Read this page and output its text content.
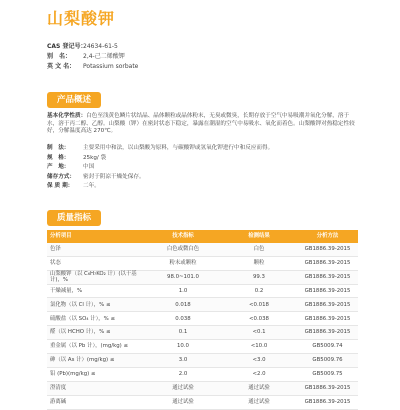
山梨酸钾
CAS 登记号：24634-61-5
别　名： 2,4-己二烯酸钾
英 文 名： Potassium sorbate
产品概述
基本化学性质：白色至浅黄色鳞片状结晶、晶体颗粒或晶体粉末，无臭或微臭，长期存放于空气中易吸潮并氧化分解，溶于水，溶于丙二醇、乙醇。山梨酸（钾）在密封状态下稳定，暴露在潮湿的空气中易吸水、氧化而着色。山梨酸钾对热稳定性较好，分解温度高达 270℃。
制　法： 主要采用中和法，以山梨酸为原料，与碳酸钾或氢氧化钾进行中和反应而得。
规　格： 25kg/ 袋
产　地： 中国
储存方式： 密封于阴凉干燥处保存。
保 质 期： 二年。
质量指标
分析项目	技术指标	检测结果	分析方法
色泽	白色或微白色	白色	GB1886.39-2015
状态	粉末或颗粒	颗粒	GB1886.39-2015
山梨酸钾（以 C₆H₇KO₂ 计）(以干基计)，%	98.0~101.0	99.3	GB1886.39-2015
干燥减量，%	1.0	0.2	GB1886.39-2015
氯化物（以 Cl 计），% ≤	0.018	<0.018	GB1886.39-2015
硫酸盐（以 SO₄ 计），% ≤	0.038	<0.038	GB1886.39-2015
醛（以 HCHO 计），% ≤	0.1	<0.1	GB1886.39-2015
重金属（以 Pb 计），(mg/kg) ≤	10.0	<10.0	GB5009.74
砷（以 As 计）(mg/kg) ≤	3.0	<3.0	GB5009.76
铅 (Pb)(mg/kg) ≤	2.0	<2.0	GB5009.75
澄清度	通过试验	通过试验	GB1886.39-2015
游离碱	通过试验	通过试验	GB1886.39-2015
